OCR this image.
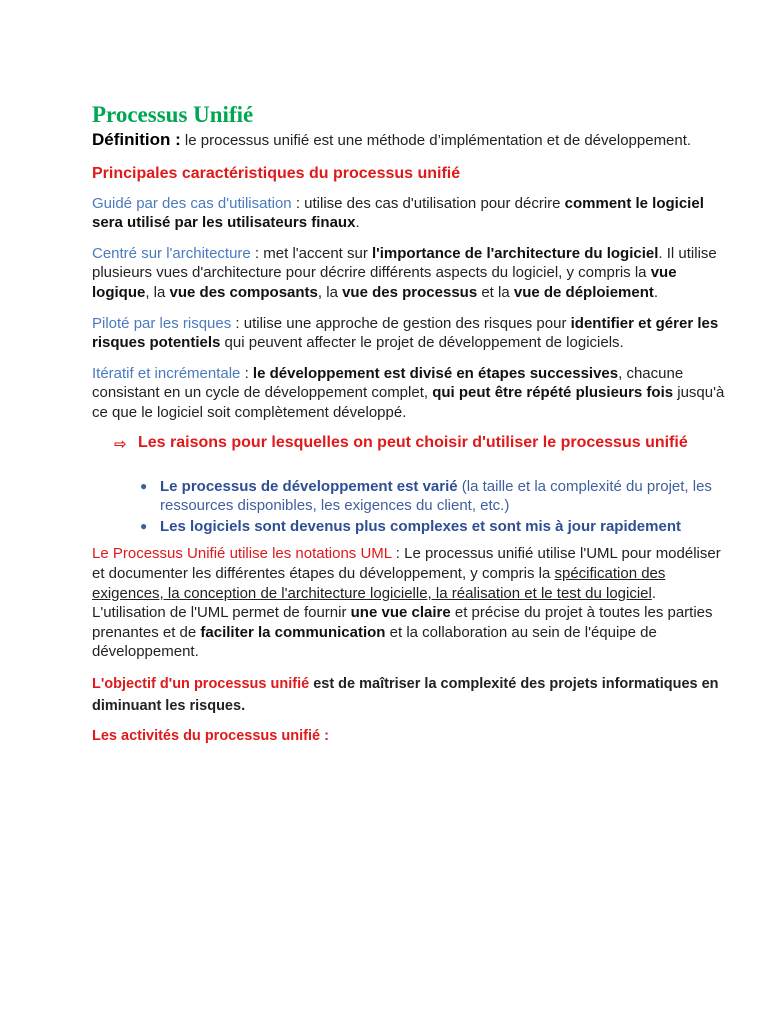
Processus Unifié

Définition : le processus unifié est une méthode d’implémentation et de développement.

Principales caractéristiques du processus unifié

Guidé par des cas d'utilisation : utilise des cas d'utilisation pour décrire comment le logiciel sera utilisé par les utilisateurs finaux.

Centré sur l'architecture : met l'accent sur l'importance de l'architecture du logiciel. Il utilise plusieurs vues d'architecture pour décrire différents aspects du logiciel, y compris la vue logique, la vue des composants, la vue des processus et la vue de déploiement.

Piloté par les risques : utilise une approche de gestion des risques pour identifier et gérer les risques potentiels qui peuvent affecter le projet de développement de logiciels.

Itératif et incrémentale : le développement est divisé en étapes successives, chacune consistant en un cycle de développement complet, qui peut être répété plusieurs fois jusqu'à ce que le logiciel soit complètement développé.

⇨ Les raisons pour lesquelles on peut choisir d'utiliser le processus unifié
● Le processus de développement est varié (la taille et la complexité du projet, les ressources disponibles, les exigences du client, etc.)
● Les logiciels sont devenus plus complexes et sont mis à jour rapidement

Le Processus Unifié utilise les notations UML : Le processus unifié utilise l'UML pour modéliser et documenter les différentes étapes du développement, y compris la spécification des exigences, la conception de l'architecture logicielle, la réalisation et le test du logiciel. L'utilisation de l'UML permet de fournir une vue claire et précise du projet à toutes les parties prenantes et de faciliter la communication et la collaboration au sein de l'équipe de développement.

L'objectif d'un processus unifié est de maîtriser la complexité des projets informatiques en diminuant les risques.

Les activités du processus unifié :
